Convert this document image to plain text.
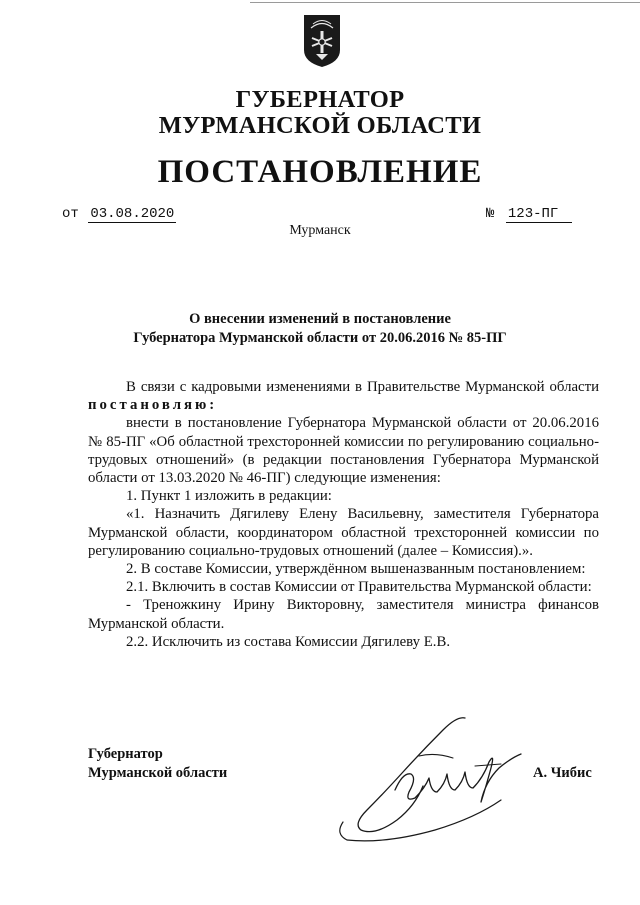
ГУБЕРНАТОР
МУРМАНСКОЙ ОБЛАСТИ
ПОСТАНОВЛЕНИЕ
от 03.08.2020	№ 123-ПГ
Мурманск
О внесении изменений в постановление
Губернатора Мурманской области от 20.06.2016 № 85-ПГ

В связи с кадровыми изменениями в Правительстве Мурманской области постановляю:

внести в постановление Губернатора Мурманской области от 20.06.2016 № 85-ПГ «Об областной трехсторонней комиссии по регулированию социально-трудовых отношений» (в редакции постановления Губернатора Мурманской области от 13.03.2020 № 46-ПГ) следующие изменения:

1. Пункт 1 изложить в редакции:

«1. Назначить Дягилеву Елену Васильевну, заместителя Губернатора Мурманской области, координатором областной трехсторонней комиссии по регулированию социально-трудовых отношений (далее – Комиссия).».

2. В составе Комиссии, утверждённом вышеназванным постановлением:

2.1. Включить в состав Комиссии от Правительства Мурманской области:

- Треножкину Ирину Викторовну, заместителя министра финансов Мурманской области.

2.2. Исключить из состава Комиссии Дягилеву Е.В.

Губернатор
Мурманской области	А. Чибис
